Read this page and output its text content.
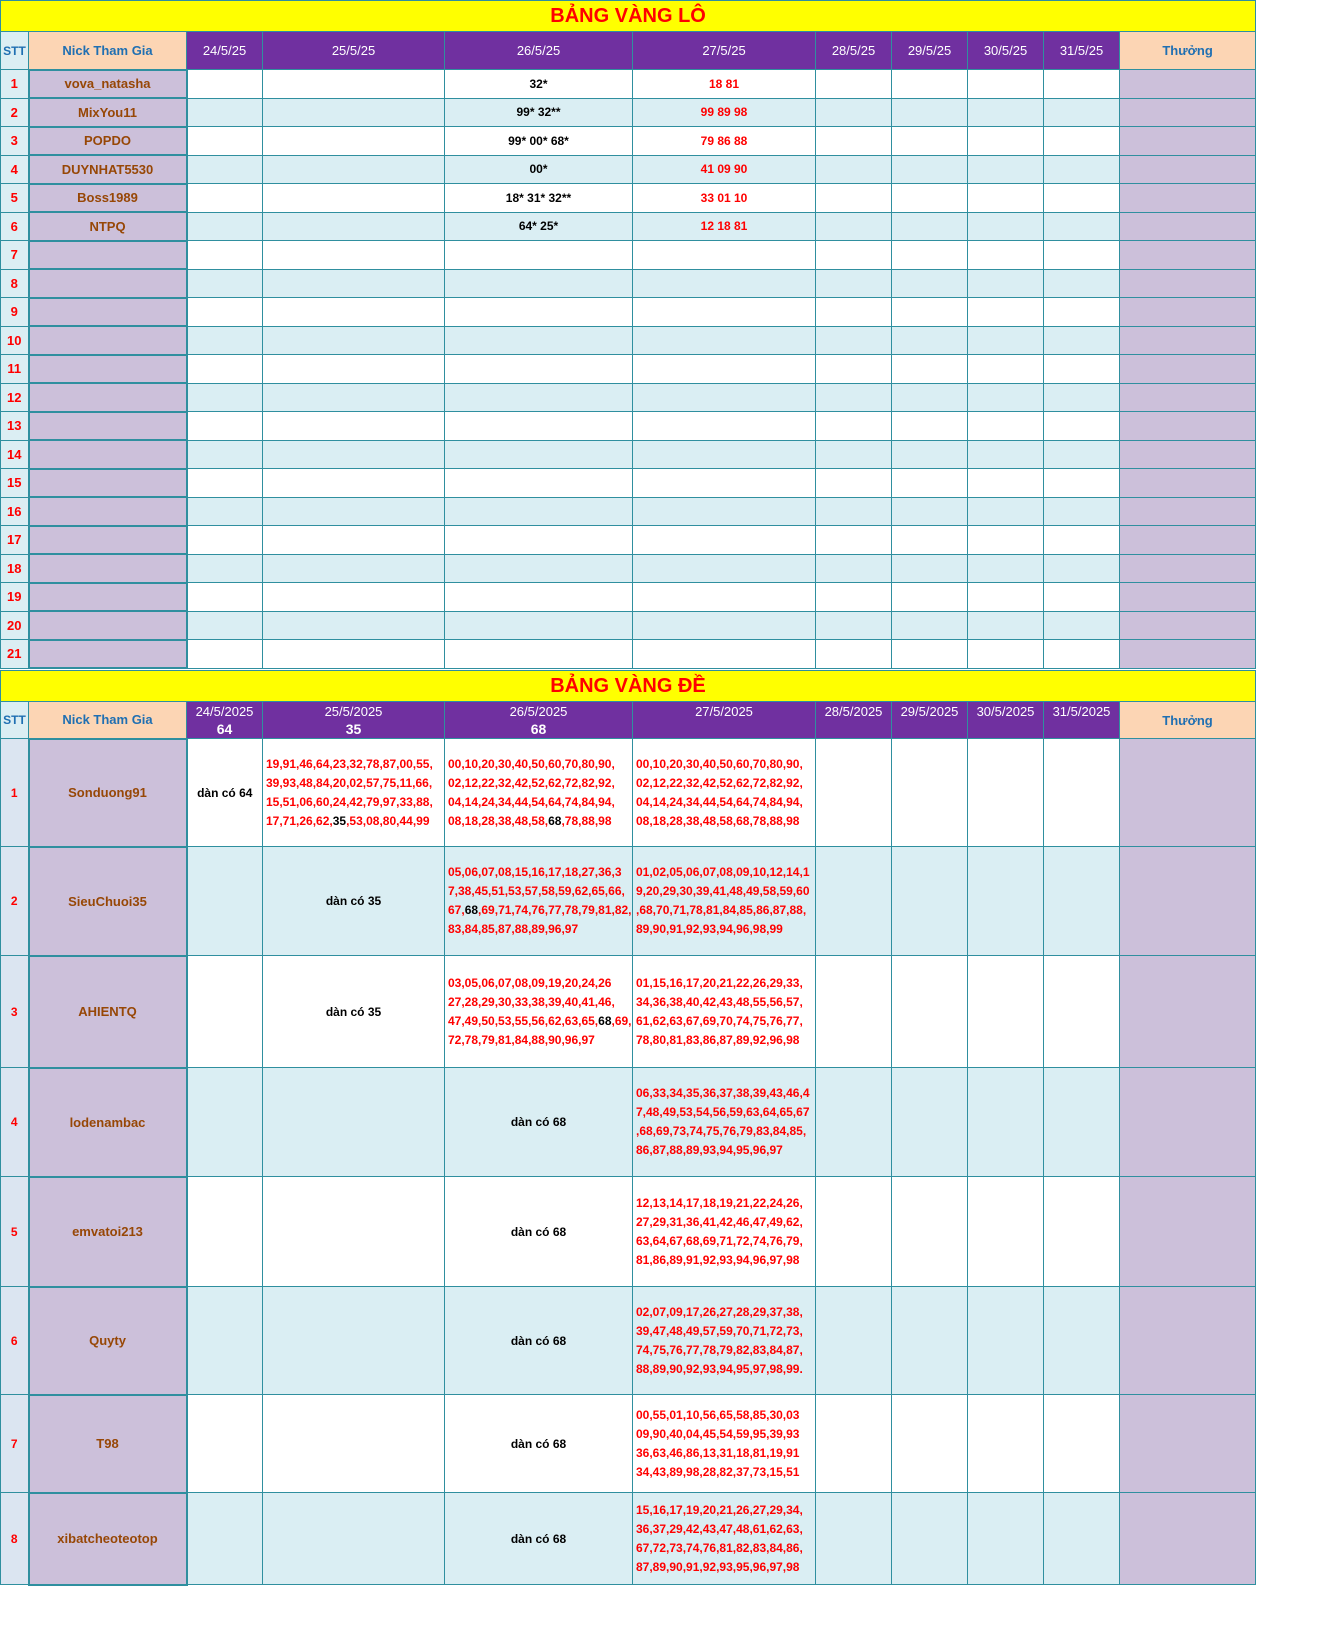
BẢNG VÀNG LÔ										
STT	Nick Tham Gia	24/5/25	25/5/25	26/5/25	27/5/25	28/5/25	29/5/25	30/5/25	31/5/25	Thưởng
1	vova_natasha			32*	18 81					
2	MixYou11			99* 32**	99 89 98					
3	POPDO			99* 00* 68*	79 86 88					
4	DUYNHAT5530			00*	41 09 90					
5	Boss1989			18* 31* 32**	33 01 10					
6	NTPQ			64* 25*	12 18 81					
7										
8										
9										
10										
11										
12										
13										
14										
15										
16										
17										
18										
19										
20										
21										
BẢNG VÀNG ĐỀ										
STT	Nick Tham Gia	24/5/2025	25/5/2025	26/5/2025	27/5/2025	28/5/2025	29/5/2025	30/5/2025	31/5/2025	Thưởng
		64	35	68						
1	Sonduong91	dàn có 64	19,91,46,64,23,32,78,87,00,55,
39,93,48,84,20,02,57,75,11,66,
15,51,06,60,24,42,79,97,33,88,
17,71,26,62,35,53,08,80,44,99	00,10,20,30,40,50,60,70,80,90,
02,12,22,32,42,52,62,72,82,92,
04,14,24,34,44,54,64,74,84,94,
08,18,28,38,48,58,68,78,88,98	00,10,20,30,40,50,60,70,80,90,
02,12,22,32,42,52,62,72,82,92,
04,14,24,34,44,54,64,74,84,94,
08,18,28,38,48,58,68,78,88,98					
2	SieuChuoi35		dàn có 35	05,06,07,08,15,16,17,18,27,36,3
7,38,45,51,53,57,58,59,62,65,66,
67,68,69,71,74,76,77,78,79,81,82,83,84,85,87,88,89,96,97	01,02,05,06,07,08,09,10,12,14,1
9,20,29,30,39,41,48,49,58,59,60
,68,70,71,78,81,84,85,86,87,88,
89,90,91,92,93,94,96,98,99					
3	AHIENTQ		dàn có 35	03,05,06,07,08,09,19,20,24,26
27,28,29,30,33,38,39,40,41,46,
47,49,50,53,55,56,62,63,65,68,69,72,78,79,81,84,88,90,96,97	01,15,16,17,20,21,22,26,29,33,
34,36,38,40,42,43,48,55,56,57,
61,62,63,67,69,70,74,75,76,77,
78,80,81,83,86,87,89,92,96,98					
4	lodenambac			dàn có 68	06,33,34,35,36,37,38,39,43,46,4
7,48,49,53,54,56,59,63,64,65,67
,68,69,73,74,75,76,79,83,84,85,
86,87,88,89,93,94,95,96,97					
5	emvatoi213			dàn có 68	12,13,14,17,18,19,21,22,24,26,
27,29,31,36,41,42,46,47,49,62,
63,64,67,68,69,71,72,74,76,79,
81,86,89,91,92,93,94,96,97,98					
6	Quyty			dàn có 68	02,07,09,17,26,27,28,29,37,38,
39,47,48,49,57,59,70,71,72,73,
74,75,76,77,78,79,82,83,84,87,
88,89,90,92,93,94,95,97,98,99.					
7	T98			dàn có 68	00,55,01,10,56,65,58,85,30,03
09,90,40,04,45,54,59,95,39,93
36,63,46,86,13,31,18,81,19,91
34,43,89,98,28,82,37,73,15,51					
8	xibatcheoteotop			dàn có 68	15,16,17,19,20,21,26,27,29,34,
36,37,29,42,43,47,48,61,62,63,
67,72,73,74,76,81,82,83,84,86,
87,89,90,91,92,93,95,96,97,98					
